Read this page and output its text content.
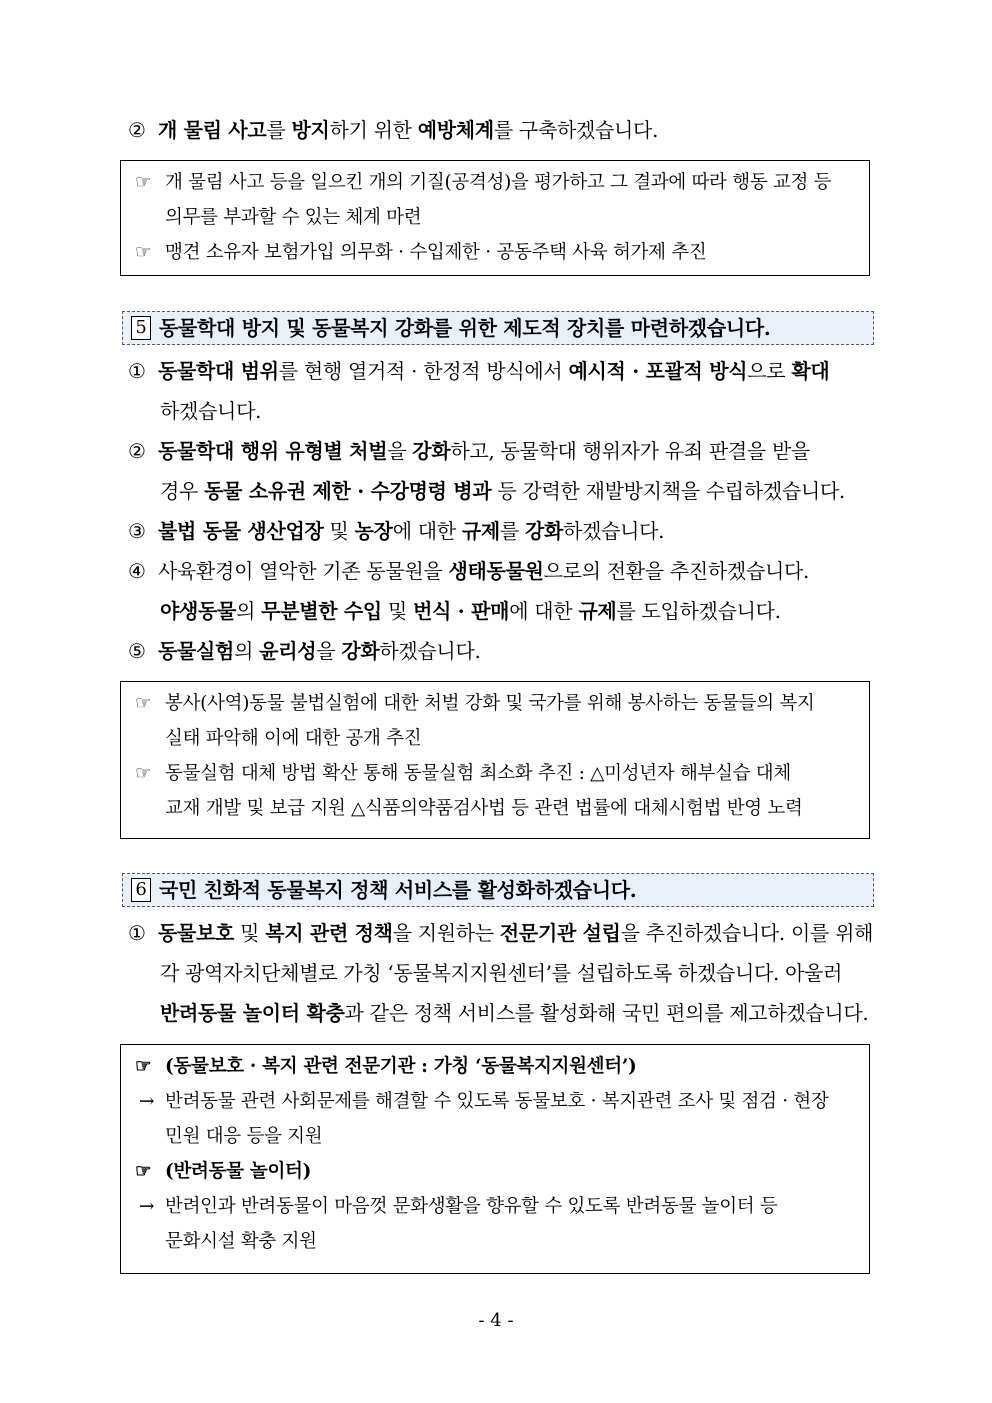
② 개 물림 사고를 방지하기 위한 예방체계를 구축하겠습니다.
☞ 개 물림 사고 등을 일으킨 개의 기질(공격성)을 평가하고 그 결과에 따라 행동 교정 등
의무를 부과할 수 있는 체계 마련
☞ 맹견 소유자 보험가입 의무화 · 수입제한 · 공동주택 사육 허가제 추진
5 동물학대 방지 및 동물복지 강화를 위한 제도적 장치를 마련하겠습니다.
① 동물학대 범위를 현행 열거적 · 한정적 방식에서 예시적 · 포괄적 방식으로 확대
하겠습니다.
② 동물학대 행위 유형별 처벌을 강화하고, 동물학대 행위자가 유죄 판결을 받을
경우 동물 소유권 제한 · 수강명령 병과 등 강력한 재발방지책을 수립하겠습니다.
③ 불법 동물 생산업장 및 농장에 대한 규제를 강화하겠습니다.
④ 사육환경이 열악한 기존 동물원을 생태동물원으로의 전환을 추진하겠습니다.
야생동물의 무분별한 수입 및 번식 · 판매에 대한 규제를 도입하겠습니다.
⑤ 동물실험의 윤리성을 강화하겠습니다.
☞ 봉사(사역)동물 불법실험에 대한 처벌 강화 및 국가를 위해 봉사하는 동물들의 복지
실태 파악해 이에 대한 공개 추진
☞ 동물실험 대체 방법 확산 통해 동물실험 최소화 추진 : △미성년자 해부실습 대체
교재 개발 및 보급 지원 △식품의약품검사법 등 관련 법률에 대체시험법 반영 노력
6 국민 친화적 동물복지 정책 서비스를 활성화하겠습니다.
① 동물보호 및 복지 관련 정책을 지원하는 전문기관 설립을 추진하겠습니다. 이를 위해
각 광역자치단체별로 가칭 ‘동물복지지원센터’를 설립하도록 하겠습니다. 아울러
반려동물 놀이터 확충과 같은 정책 서비스를 활성화해 국민 편의를 제고하겠습니다.
☞ (동물보호 · 복지 관련 전문기관 : 가칭 ‘동물복지지원센터’)
→ 반려동물 관련 사회문제를 해결할 수 있도록 동물보호 · 복지관련 조사 및 점검 · 현장
민원 대응 등을 지원
☞ (반려동물 놀이터)
→ 반려인과 반려동물이 마음껏 문화생활을 향유할 수 있도록 반려동물 놀이터 등
문화시설 확충 지원
- 4 -
